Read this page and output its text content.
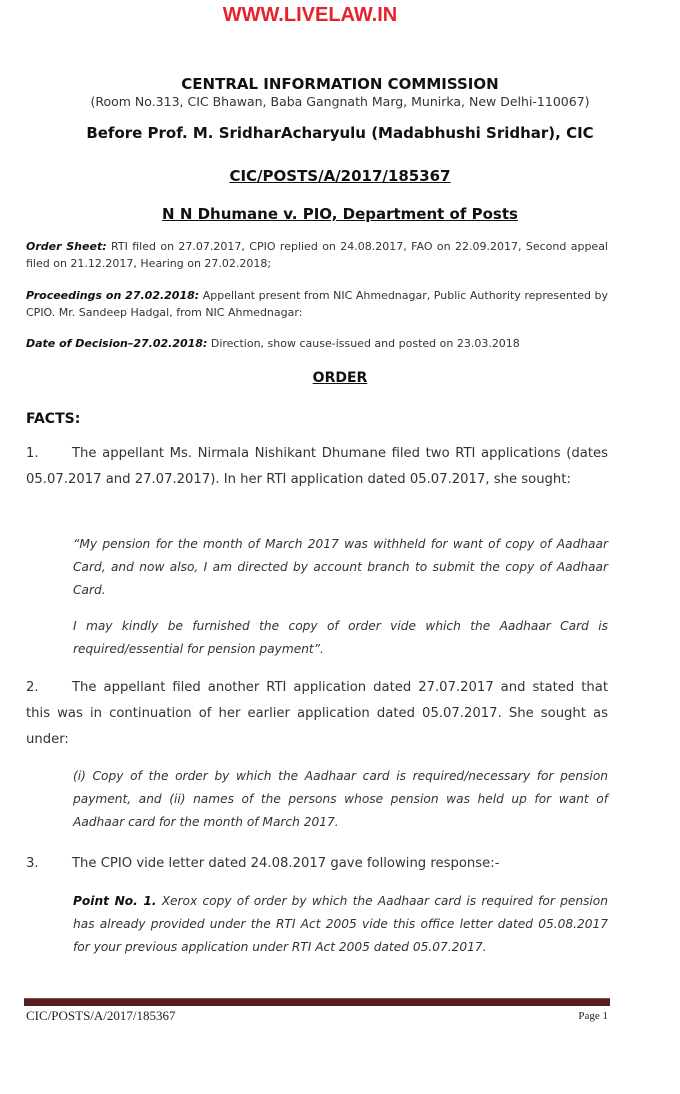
WWW.LIVELAW.IN
CENTRAL INFORMATION COMMISSION
(Room No.313, CIC Bhawan, Baba Gangnath Marg, Munirka, New Delhi-110067)
Before Prof. M. SridharAcharyulu (Madabhushi Sridhar), CIC
CIC/POSTS/A/2017/185367
N N Dhumane v. PIO, Department of Posts
Order Sheet: RTI filed on 27.07.2017, CPIO replied on 24.08.2017, FAO on 22.09.2017, Second appeal filed on 21.12.2017, Hearing on 27.02.2018;
Proceedings on 27.02.2018: Appellant present from NIC Ahmednagar, Public Authority represented by CPIO. Mr. Sandeep Hadgal, from NIC Ahmednagar:
Date of Decision–27.02.2018: Direction, show cause-issued and posted on 23.03.2018
ORDER
FACTS:
1.	The appellant Ms. Nirmala Nishikant Dhumane filed two RTI applications (dates 05.07.2017 and 27.07.2017). In her RTI application dated 05.07.2017, she sought:
“My pension for the month of March 2017 was withheld for want of copy of Aadhaar Card, and now also, I am directed by account branch to submit the copy of Aadhaar Card.
I may kindly be furnished the copy of order vide which the Aadhaar Card is required/essential for pension payment”.
2.	The appellant filed another RTI application dated 27.07.2017 and stated that this was in continuation of her earlier application dated 05.07.2017. She sought as under:
(i) Copy of the order by which the Aadhaar card is required/necessary for pension payment, and (ii) names of the persons whose pension was held up for want of Aadhaar card for the month of March 2017.
3.	The CPIO vide letter dated 24.08.2017 gave following response:-
Point No. 1. Xerox copy of order by which the Aadhaar card is required for pension has already provided under the RTI Act 2005 vide this office letter dated 05.08.2017 for your previous application under RTI Act 2005 dated 05.07.2017.
CIC/POSTS/A/2017/185367	Page 1
